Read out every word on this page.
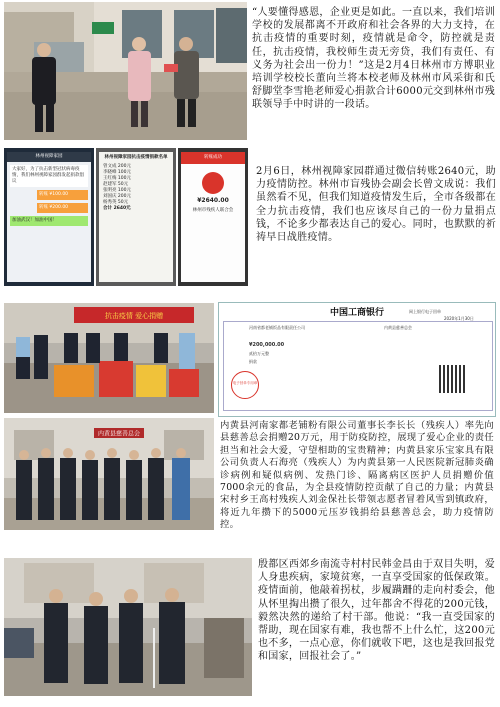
“人要懂得感恩，企业更是如此。一直以来，我们培训学校的发展都离不开政府和社会各界的大力支持，在抗击疫情的重要时刻，疫情就是命令，防控就是责任，抗击疫情，我校师生责无旁贷，我们有责任、有义务为社会出一份力！”这是2月4日林州市方博职业培训学校校长董向兰将本校老师及林州市风采街和氏舒脚堂李雪艳老师爱心捐款合计6000元交到林州市残联领导手中时讲的一段话。
林州视障家园
大家好，为了抗击新型冠状病毒疫情，我们林州视障家园群发起捐款倡议
转账 ¥100.00
转账 ¥200.00
加油武汉！加油中国！
林州视障家园抗击疫情捐款名单
曾文成 200元
李晓峰 100元
王红梅 100元
赵建军 50元
张明亮 100元
刘国庆 200元
杨秀英 50元
合计 2640元
转账成功
¥2640.00
林州市残疾人联合会
2月6日，林州视障家园群通过微信转账2640元，助力疫情防控。林州市盲残协会副会长曾文成说：我们虽然看不见，但我们知道疫情发生后，全市各级都在全力抗击疫情，我们也应该尽自己的一份力量捐点钱，不论多少都表达自己的爱心。同时，也默默的祈祷早日战胜疫情。
抗击疫情 爱心捐赠	中国工商银行	网上银行电子回单
2020年1月30日
河南省都老铺饭品有限责任公司	内黄县慈善总会
¥200,000.00
贰拾万元整
捐款
电子回单专用章
内黄县慈善总会
内黄县河南家都老铺粉有限公司董事长李长长（残疾人）率先向县慈善总会捐赠20万元，用于防疫防控，展现了爱心企业的责任担当和社会大爱，守望相助的宝贵精神；内黄县家乐宝家具有限公司负责人石海亮（残疾人）为内黄县第一人民医院新冠肺炎确诊病例和疑似病例、发热门诊、隔离病区医护人员捐赠价值7000余元的食品，为全县疫情防控贡献了自己的力量；内黄县宋村乡王高村残疾人刘金保社长带领志愿者冒着风雪到镇政府，将近九年攒下的5000元压岁钱捐给县慈善总会，助力疫情防控。
殷都区西郊乡南流寺村村民韩金昌由于双目失明，爱人身患疾病，家境贫寒，一直享受国家的低保政策。疫情面前，他敲着拐杖，步履蹒跚的走向村委会，他从怀里掏出攒了很久，过年都舍不得花的200元钱，毅然决然的递给了村干部。他说：“我一直受国家的帮助，现在国家有难，我也帮不上什么忙，这200元也不多，一点心意，你们就收下吧，这也是我回报党和国家，回报社会了。”
